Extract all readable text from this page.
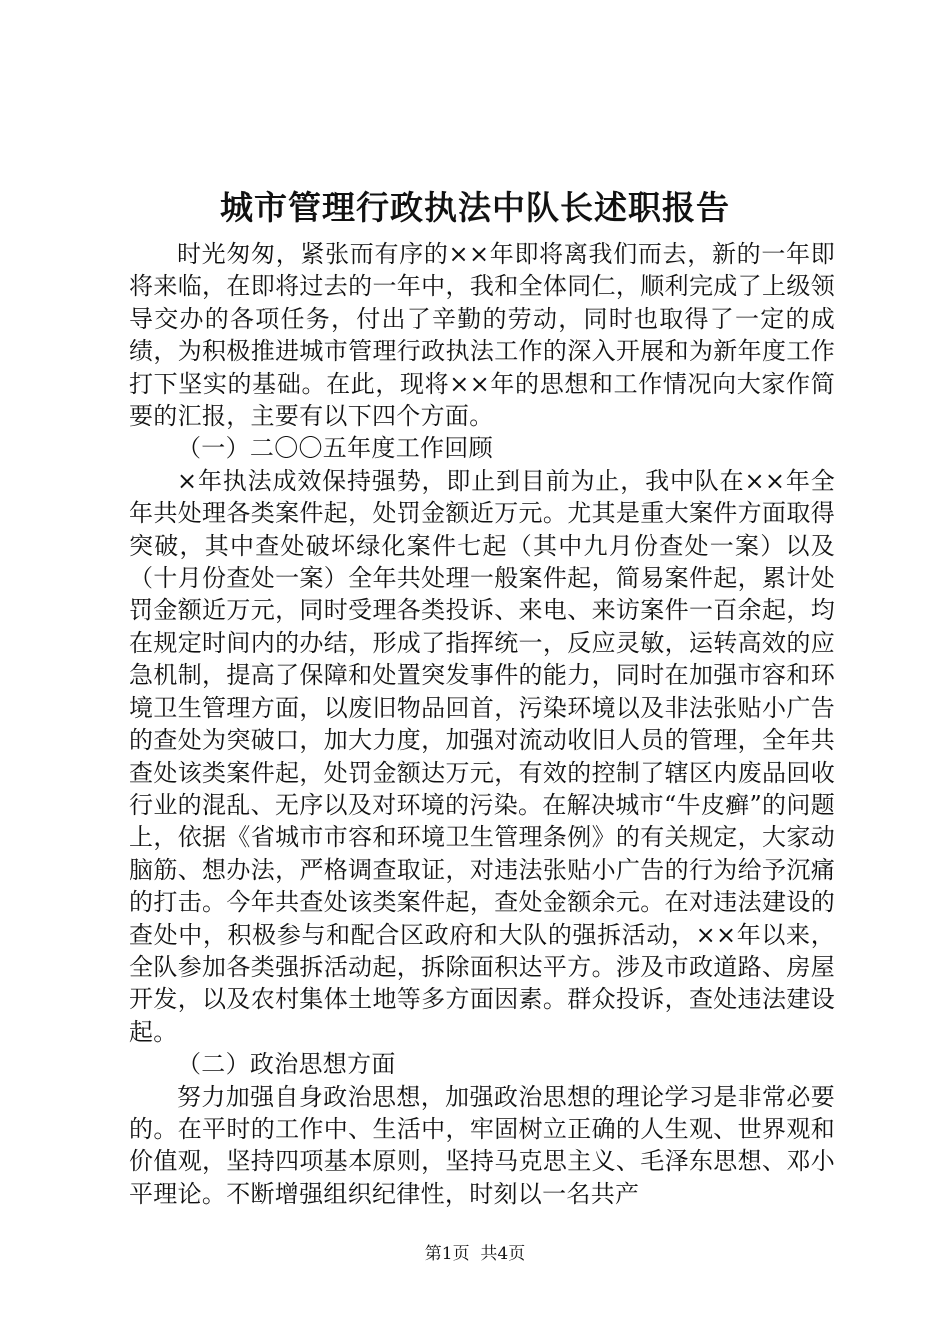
城市管理行政执法中队长述职报告

时光匆匆，紧张而有序的××年即将离我们而去，新的一年即将来临，在即将过去的一年中，我和全体同仁，顺利完成了上级领导交办的各项任务，付出了辛勤的劳动，同时也取得了一定的成绩，为积极推进城市管理行政执法工作的深入开展和为新年度工作打下坚实的基础。在此，现将××年的思想和工作情况向大家作简要的汇报，主要有以下四个方面。

（一）二〇〇五年度工作回顾

×年执法成效保持强势，即止到目前为止，我中队在××年全年共处理各类案件起，处罚金额近万元。尤其是重大案件方面取得突破，其中查处破坏绿化案件七起（其中九月份查处一案）以及（十月份查处一案）全年共处理一般案件起，简易案件起，累计处罚金额近万元，同时受理各类投诉、来电、来访案件一百余起，均在规定时间内的办结，形成了指挥统一，反应灵敏，运转高效的应急机制，提高了保障和处置突发事件的能力，同时在加强市容和环境卫生管理方面，以废旧物品回首，污染环境以及非法张贴小广告的查处为突破口，加大力度，加强对流动收旧人员的管理，全年共查处该类案件起，处罚金额达万元，有效的控制了辖区内废品回收行业的混乱、无序以及对环境的污染。在解决城市“牛皮癣”的问题上，依据《省城市市容和环境卫生管理条例》的有关规定，大家动脑筋、想办法，严格调查取证，对违法张贴小广告的行为给予沉痛的打击。今年共查处该类案件起，查处金额余元。在对违法建设的查处中，积极参与和配合区政府和大队的强拆活动，××年以来，全队参加各类强拆活动起，拆除面积达平方。涉及市政道路、房屋开发，以及农村集体土地等多方面因素。群众投诉，查处违法建设起。

（二）政治思想方面

努力加强自身政治思想，加强政治思想的理论学习是非常必要的。在平时的工作中、生活中，牢固树立正确的人生观、世界观和价值观，坚持四项基本原则，坚持马克思主义、毛泽东思想、邓小平理论。不断增强组织纪律性，时刻以一名共产

第1页 共4页
